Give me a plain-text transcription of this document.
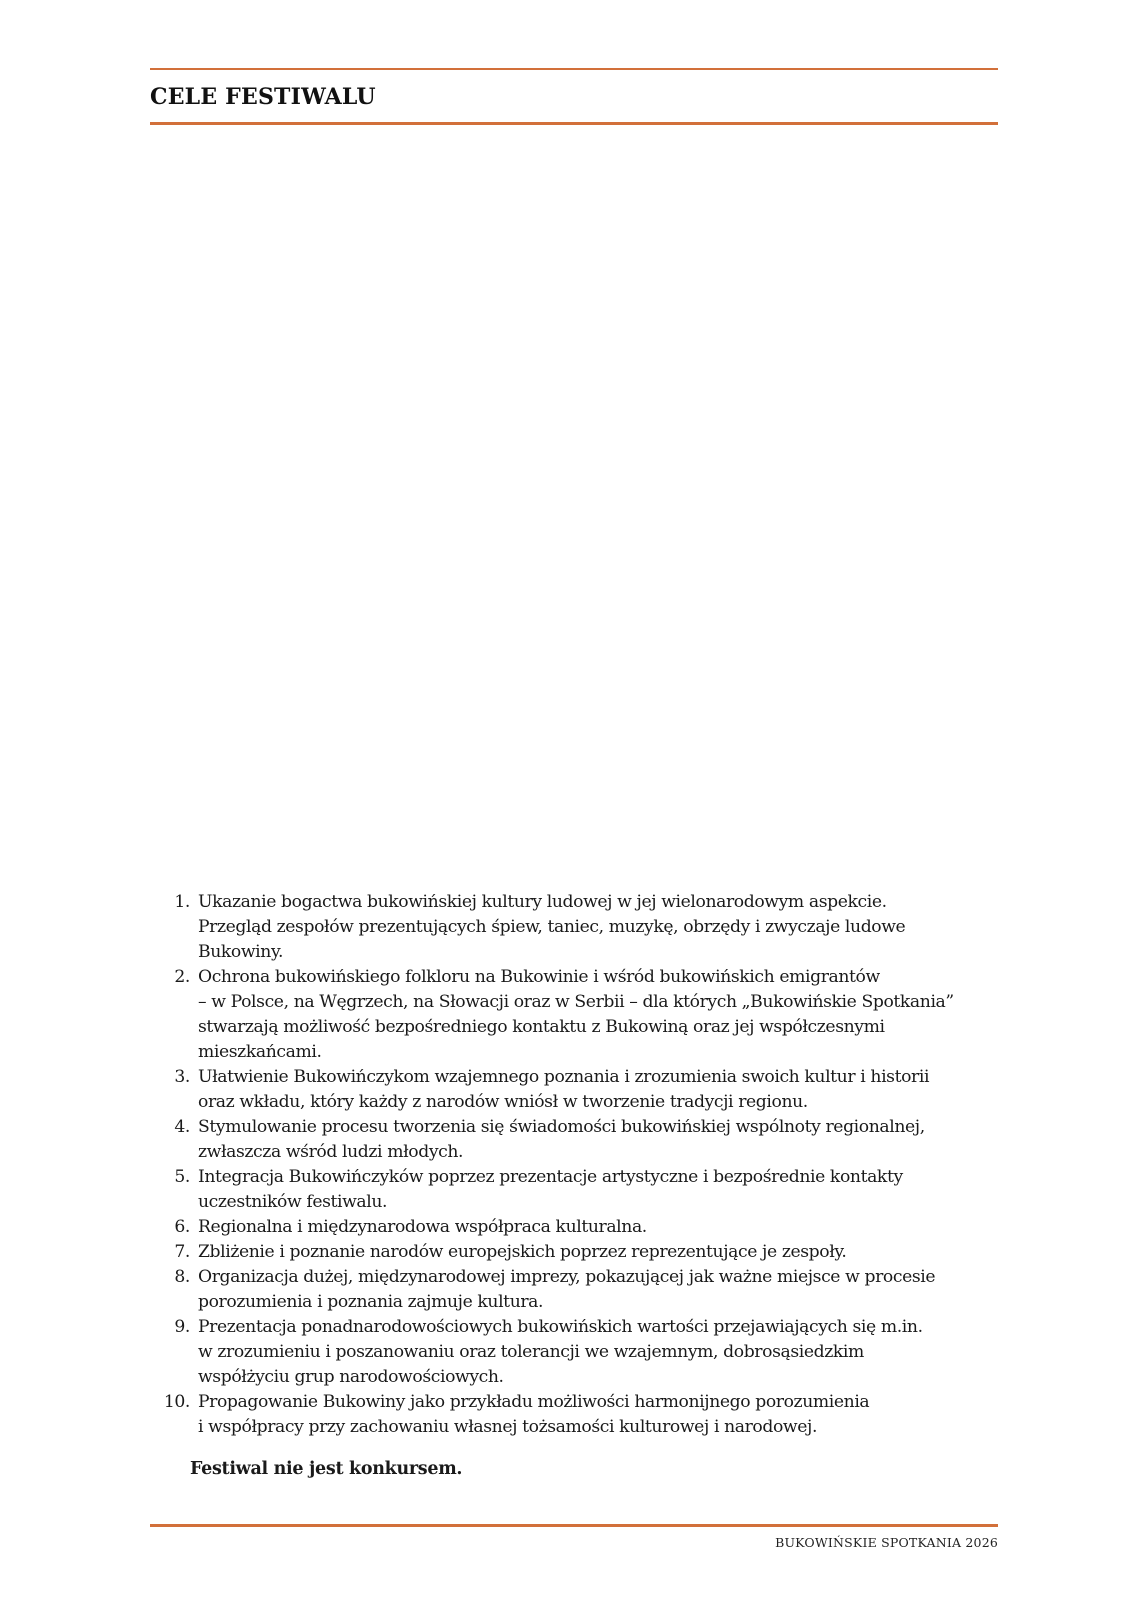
CELE FESTIWALU
1. Ukazanie bogactwa bukowińskiej kultury ludowej w jej wielonarodowym aspekcie.
Przegląd zespołów prezentujących śpiew, taniec, muzykę, obrzędy i zwyczaje ludowe
Bukowiny.
2. Ochrona bukowińskiego folkloru na Bukowinie i wśród bukowińskich emigrantów
– w Polsce, na Węgrzech, na Słowacji oraz w Serbii – dla których „Bukowińskie Spotkania”
stwarzają możliwość bezpośredniego kontaktu z Bukowiną oraz jej współczesnymi
mieszkańcami.
3. Ułatwienie Bukowińczykom wzajemnego poznania i zrozumienia swoich kultur i historii
oraz wkładu, który każdy z narodów wniósł w tworzenie tradycji regionu.
4. Stymulowanie procesu tworzenia się świadomości bukowińskiej wspólnoty regionalnej,
zwłaszcza wśród ludzi młodych.
5. Integracja Bukowińczyków poprzez prezentacje artystyczne i bezpośrednie kontakty
uczestników festiwalu.
6. Regionalna i międzynarodowa współpraca kulturalna.
7. Zbliżenie i poznanie narodów europejskich poprzez reprezentujące je zespoły.
8. Organizacja dużej, międzynarodowej imprezy, pokazującej jak ważne miejsce w procesie
porozumienia i poznania zajmuje kultura.
9. Prezentacja ponadnarodowościowych bukowińskich wartości przejawiających się m.in.
w zrozumieniu i poszanowaniu oraz tolerancji we wzajemnym, dobrosąsiedzkim
współżyciu grup narodowościowych.
10. Propagowanie Bukowiny jako przykładu możliwości harmonijnego porozumienia
i współpracy przy zachowaniu własnej tożsamości kulturowej i narodowej.

Festiwal nie jest konkursem.

BUKOWIŃSKIE SPOTKANIA 2026
